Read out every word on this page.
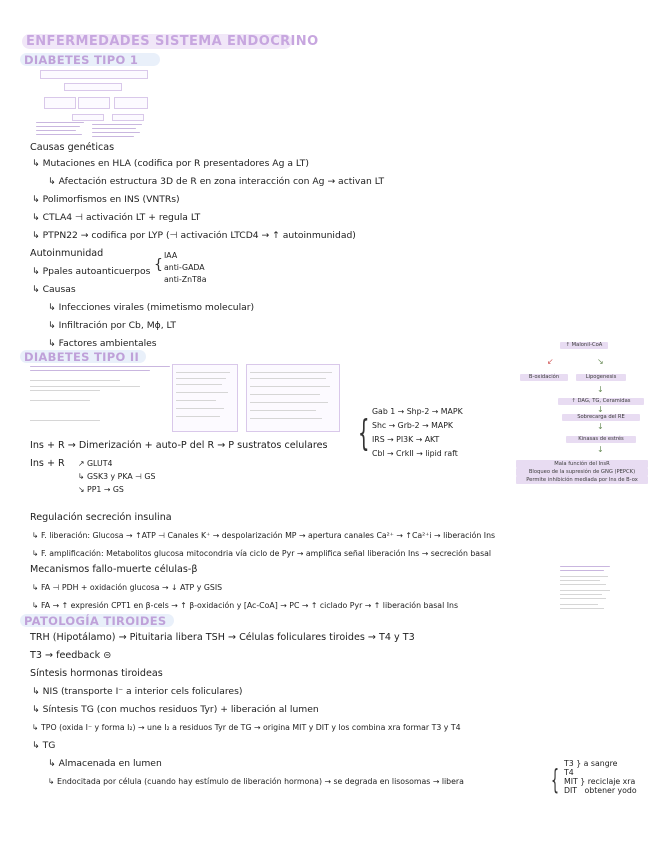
ENFERMEDADES SISTEMA ENDOCRINO
DIABETES TIPO 1
Causas genéticas
↳ Mutaciones en HLA (codifica por R presentadores Ag a LT)
↳ Afectación estructura 3D de R en zona interacción con Ag → activan LT
↳ Polimorfismos en INS (VNTRs)
↳ CTLA4 ⊣ activación LT + regula LT
↳ PTPN22 → codifica por LYP (⊣ activación LTCD4 → ↑ autoinmunidad)
Autoinmunidad
↳ Ppales autoanticuerpos {
IAA
anti-GADA
anti-ZnT8a
↳ Causas
↳ Infecciones virales (mimetismo molecular)
↳ Infiltración por Cb, Mϕ, LT
↳ Factores ambientales
DIABETES TIPO II
↑ Malonil-CoA
B-oxidación	Lipogenesis
↙	↘
↓
↑ DAG, TG, Ceramidas
↓
Sobrecarga del RE
↓
Kinasas de estrés
↓
Mala función del InsR
Bloqueo de la supresión de GNG (PEPCK)
Permite inhibición mediada por Ins de B-ox
Ins + R → Dimerización + auto-P del R → P sustratos celulares {
Gab 1 → Shp-2 → MAPK
Shc → Grb-2 → MAPK
IRS → PI3K → AKT
Cbl → CrkII → lipid raft
Ins + R ↗ GLUT4
↳ GSK3 y PKA ⊣ GS
↘ PP1 → GS
Regulación secreción insulina
↳ F. liberación: Glucosa → ↑ATP ⊣ Canales K⁺ → despolarización MP → apertura canales Ca²⁺ → ↑Ca²⁺i → liberación Ins
↳ F. amplificación: Metabolitos glucosa mitocondria vía ciclo de Pyr → amplifica señal liberación Ins → secreción basal
Mecanismos fallo-muerte células-β
↳ FA ⊣ PDH + oxidación glucosa → ↓ ATP y GSIS
↳ FA → ↑ expresión CPT1 en β-cels → ↑ β-oxidación y [Ac-CoA] → PC → ↑ ciclado Pyr → ↑ liberación basal Ins
PATOLOGÍA TIROIDES
TRH (Hipotálamo) → Pituitaria libera TSH → Células foliculares tiroides → T4 y T3
T3 → feedback ⊝
Síntesis hormonas tiroideas
↳ NIS (transporte I⁻ a interior cels foliculares)
↳ Síntesis TG (con muchos residuos Tyr) + liberación al lumen
↳ TPO (oxida I⁻ y forma I₂) → une I₂ a residuos Tyr de TG → origina MIT y DIT y los combina xra formar T3 y T4
↳ TG
↳ Almacenada en lumen
↳ Endocitada por célula (cuando hay estímulo de liberación hormona) → se degrada en lisosomas → libera	{ T3 } a sangre
T4
MIT } reciclaje xra
DIT obtener yodo
